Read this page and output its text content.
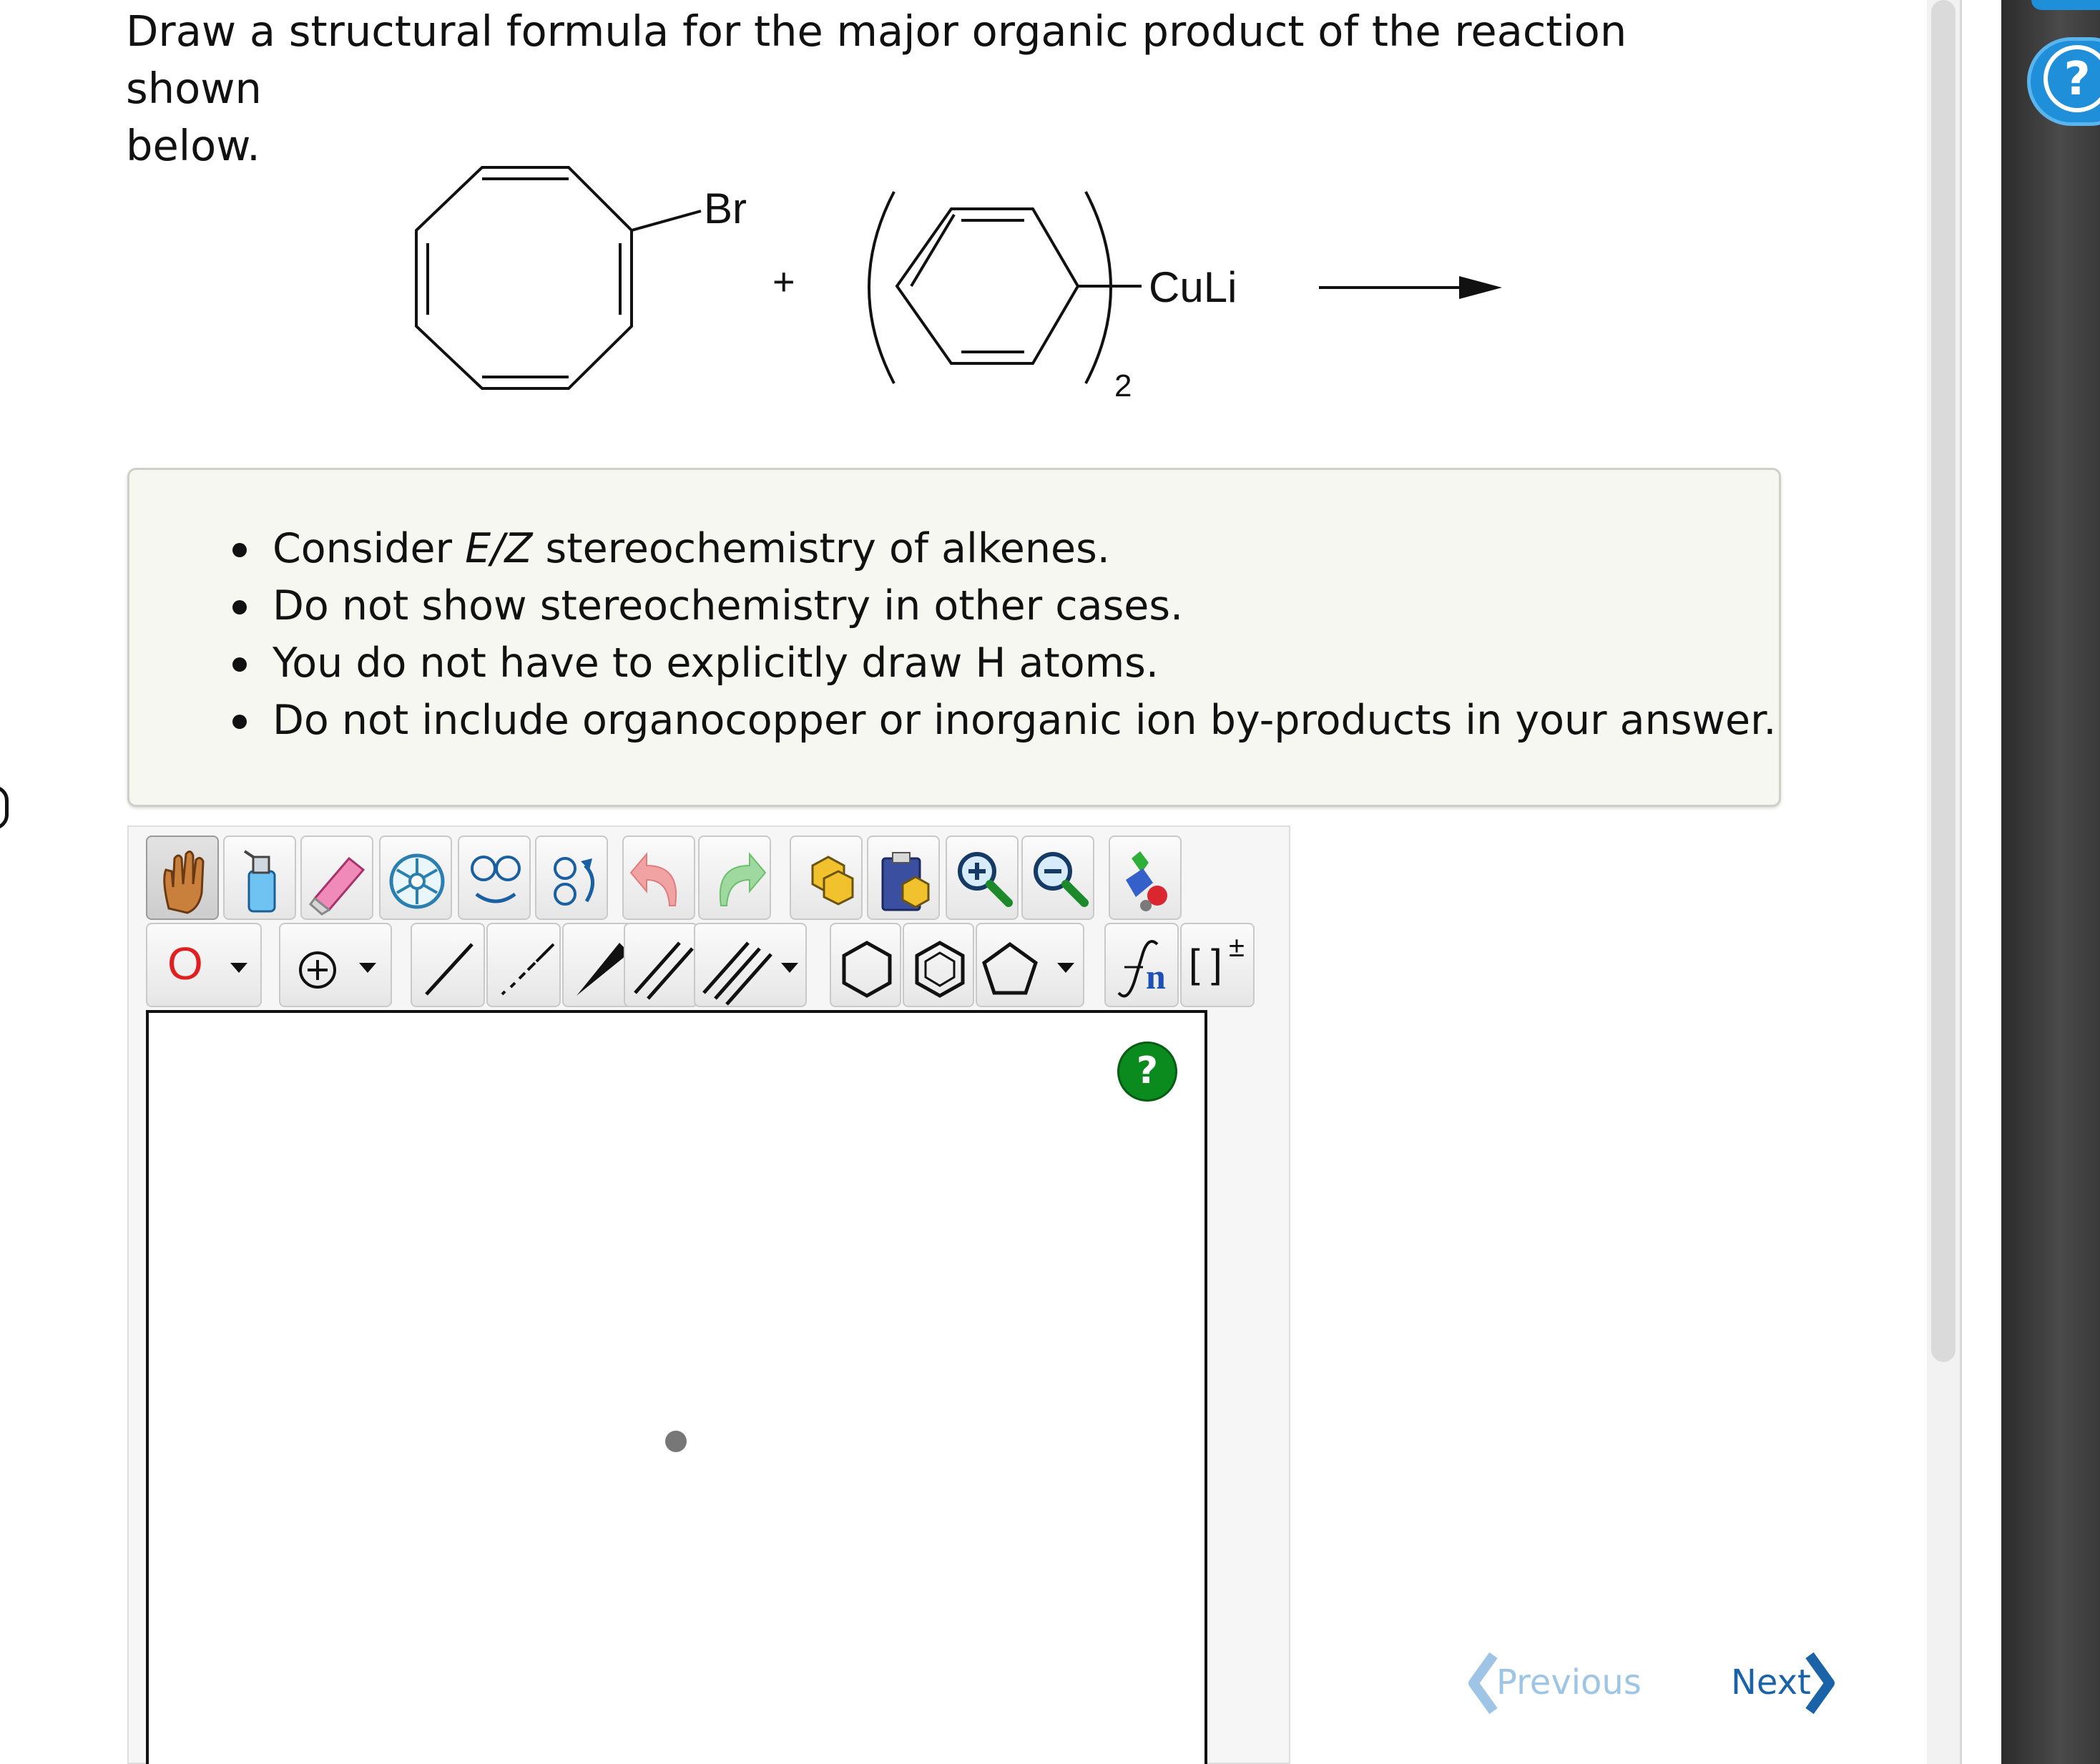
Draw a structural formula for the major organic product of the reaction shown
below.
Br
+	CuLi
2
Consider E/Z stereochemistry of alkenes.
Do not show stereochemistry in other cases.
You do not have to explicitly draw H atoms.
Do not include organocopper or inorganic ion by-products in your answer.
O	n [ ] ±
?
Previous	Next
?
